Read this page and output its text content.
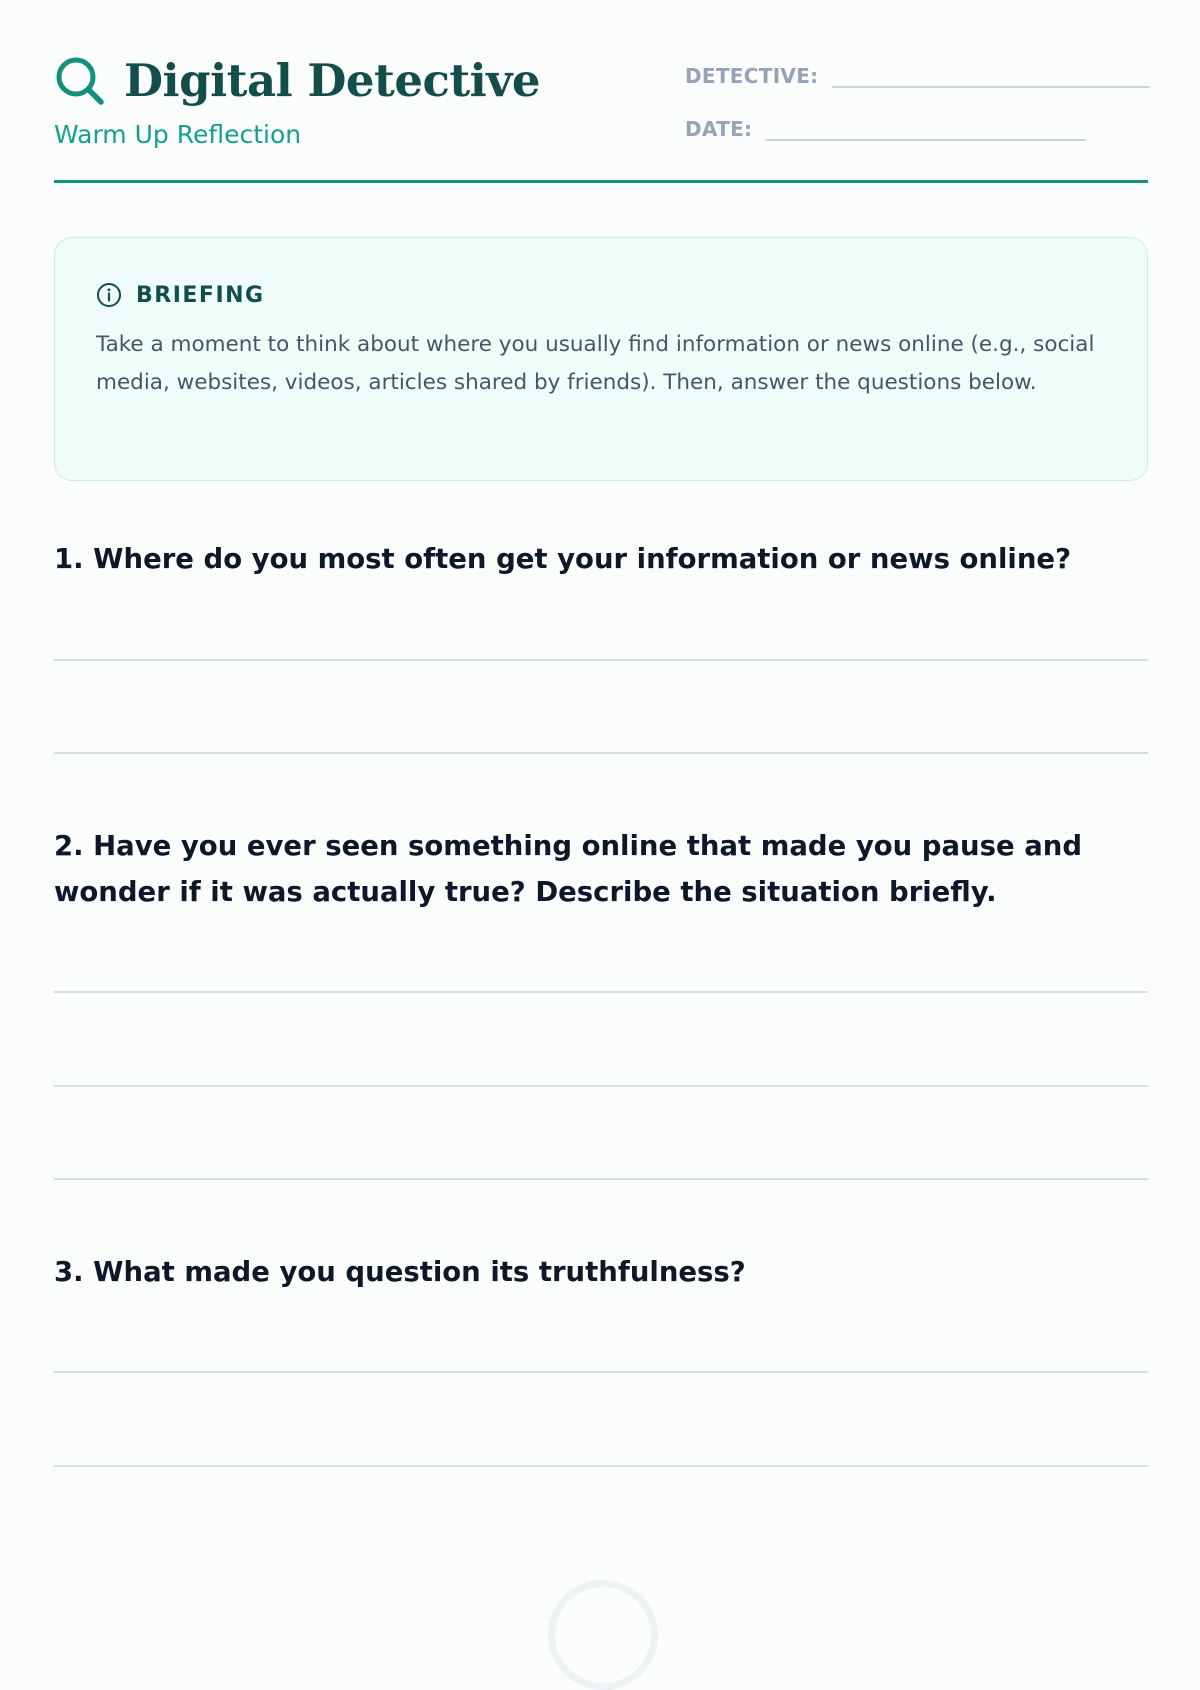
Digital Detective
Warm Up Reflection
DETECTIVE:
DATE:
BRIEFING
Take a moment to think about where you usually find information or news online (e.g., social media, websites, videos, articles shared by friends). Then, answer the questions below.
1. Where do you most often get your information or news online?
2. Have you ever seen something online that made you pause and wonder if it was actually true? Describe the situation briefly.
3. What made you question its truthfulness?
